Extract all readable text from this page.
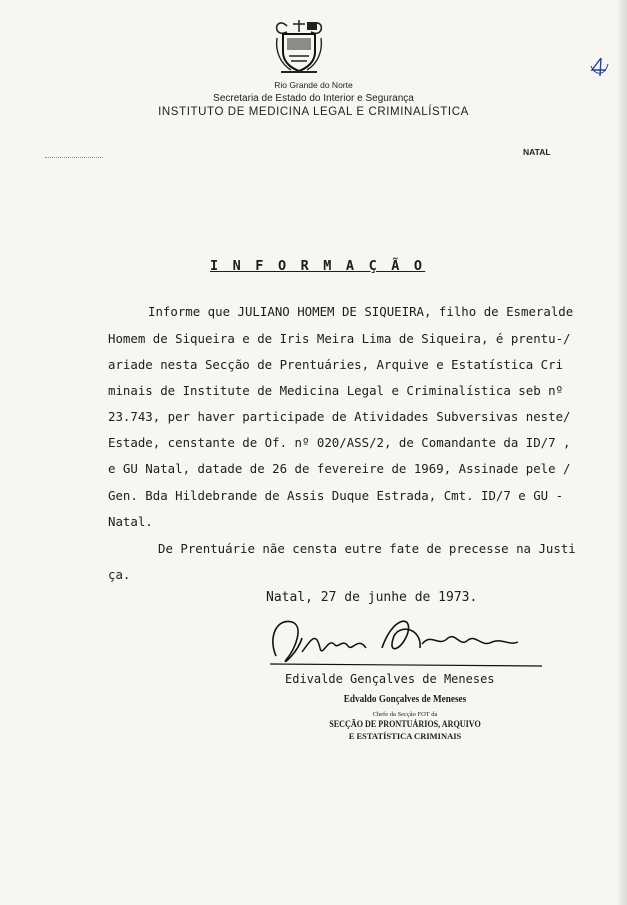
Rio Grande do Norte
Secretaria de Estado do Interior e Segurança
INSTITUTO DE MEDICINA LEGAL E CRIMINALÍSTICA
NATAL
I N F O R M A Ç Ã O
Informe que JULIANO HOMEM DE SIQUEIRA, filho de Esmeralde
Homem de Siqueira e de Iris Meira Lima de Siqueira, é prentu-/
ariade nesta Secção de Prentuáries, Arquive e Estatística Cri
minais de Institute de Medicina Legal e Criminalística seb nº
23.743, per haver participade de Atividades Subversivas neste/
Estade, censtante de Of. nº 020/ASS/2, de Comandante da ID/7 ,
e GU Natal, datade de 26 de fevereire de 1969, Assinade pele /
Gen. Bda Hildebrande de Assis Duque Estrada, Cmt. ID/7 e GU -
Natal.
De Prentuárie nãe censta eutre fate de precesse na Justi
ça.
Natal, 27 de junhe de 1973.
Edivalde Gençalves de Meneses
Edvaldo Gonçalves de Meneses
Chefe da Secção FOT da
SECÇÃO DE PRONTUÁRIOS, ARQUIVO
E ESTATÍSTICA CRIMINAIS
